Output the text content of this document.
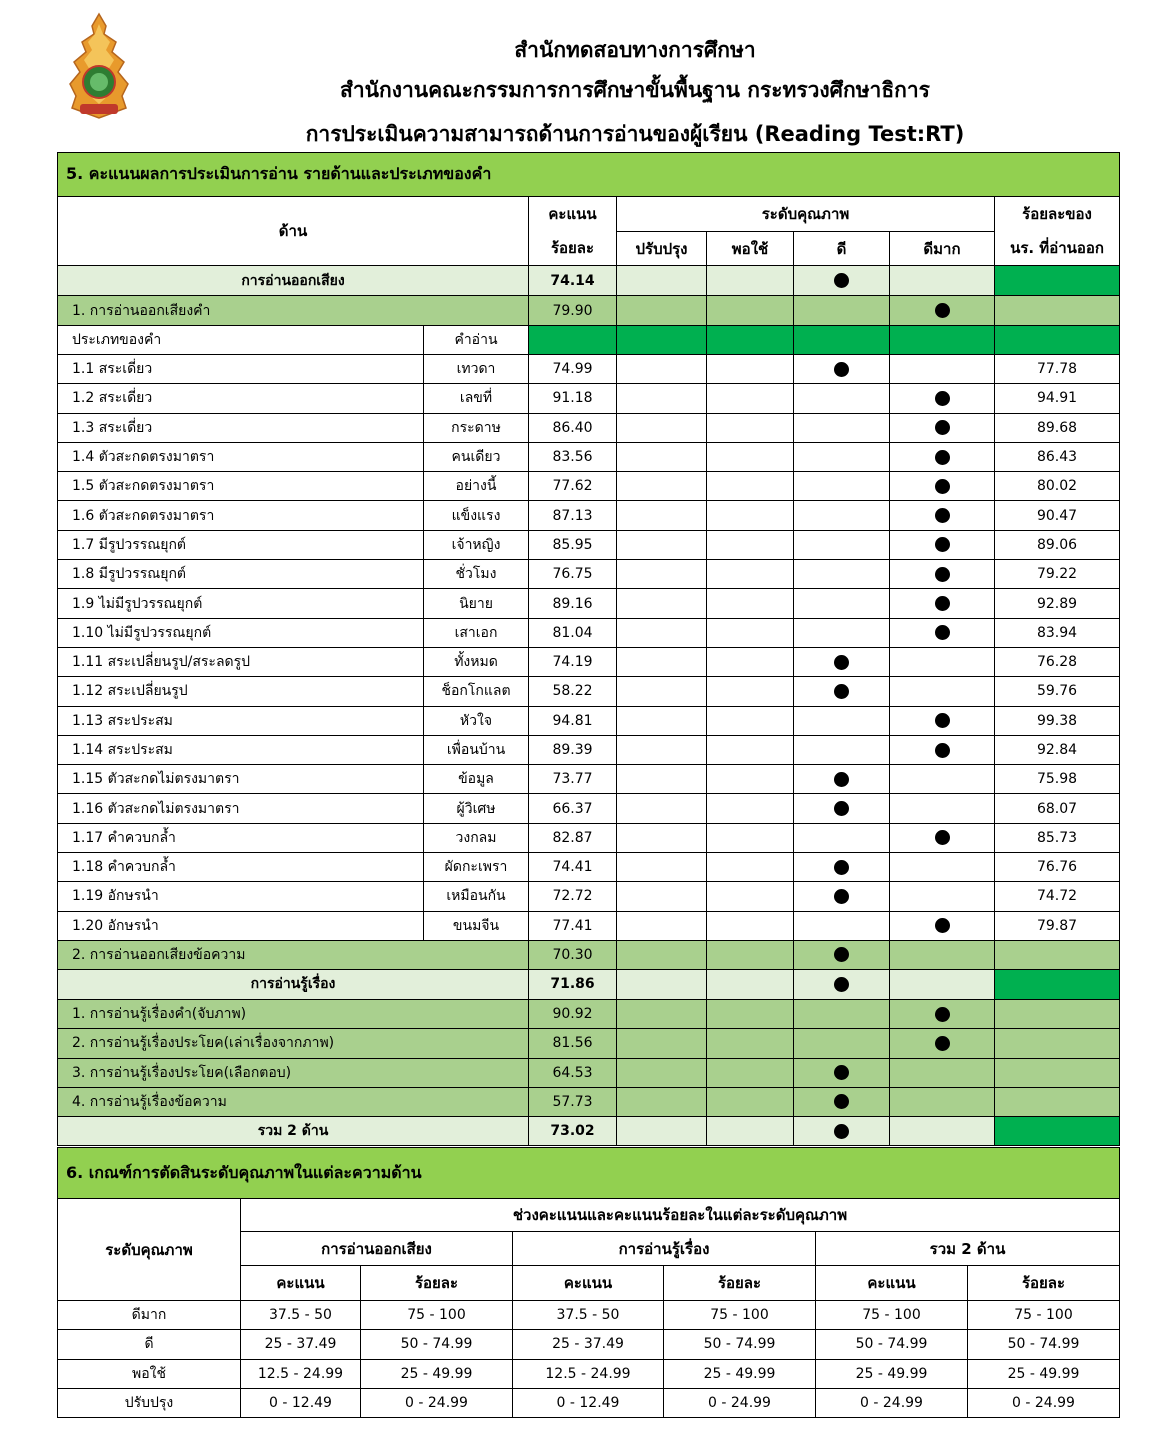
สำนักทดสอบทางการศึกษา
สำนักงานคณะกรรมการการศึกษาขั้นพื้นฐาน กระทรวงศึกษาธิการ
การประเมินความสามารถด้านการอ่านของผู้เรียน (Reading Test:RT)
5. คะแนนผลการประเมินการอ่าน รายด้านและประเภทของคำ							
ด้าน		คะแนน	ระดับคุณภาพ				ร้อยละของ
		ร้อยละ	ปรับปรุง	พอใช้	ดี	ดีมาก	นร. ที่อ่านออก
การอ่านออกเสียง		74.14					
1. การอ่านออกเสียงคำ		79.90					
ประเภทของคำ	คำอ่าน						
1.1 สระเดี่ยว	เทวดา	74.99					77.78
1.2 สระเดี่ยว	เลขที่	91.18					94.91
1.3 สระเดี่ยว	กระดาษ	86.40					89.68
1.4 ตัวสะกดตรงมาตรา	คนเดียว	83.56					86.43
1.5 ตัวสะกดตรงมาตรา	อย่างนี้	77.62					80.02
1.6 ตัวสะกดตรงมาตรา	แข็งแรง	87.13					90.47
1.7 มีรูปวรรณยุกต์	เจ้าหญิง	85.95					89.06
1.8 มีรูปวรรณยุกต์	ชั่วโมง	76.75					79.22
1.9 ไม่มีรูปวรรณยุกต์	นิยาย	89.16					92.89
1.10 ไม่มีรูปวรรณยุกต์	เสาเอก	81.04					83.94
1.11 สระเปลี่ยนรูป/สระลดรูป	ทั้งหมด	74.19					76.28
1.12 สระเปลี่ยนรูป	ช็อกโกแลต	58.22					59.76
1.13 สระประสม	หัวใจ	94.81					99.38
1.14 สระประสม	เพื่อนบ้าน	89.39					92.84
1.15 ตัวสะกดไม่ตรงมาตรา	ข้อมูล	73.77					75.98
1.16 ตัวสะกดไม่ตรงมาตรา	ผู้วิเศษ	66.37					68.07
1.17 คำควบกล้ำ	วงกลม	82.87					85.73
1.18 คำควบกล้ำ	ผัดกะเพรา	74.41					76.76
1.19 อักษรนำ	เหมือนกัน	72.72					74.72
1.20 อักษรนำ	ขนมจีน	77.41					79.87
2. การอ่านออกเสียงข้อความ		70.30					
การอ่านรู้เรื่อง		71.86					
1. การอ่านรู้เรื่องคำ(จับภาพ)		90.92					
2. การอ่านรู้เรื่องประโยค(เล่าเรื่องจากภาพ)		81.56					
3. การอ่านรู้เรื่องประโยค(เลือกตอบ)		64.53					
4. การอ่านรู้เรื่องข้อความ		57.73					
รวม 2 ด้าน		73.02					
6. เกณฑ์การตัดสินระดับคุณภาพในแต่ละความด้าน						
ระดับคุณภาพ	ช่วงคะแนนและคะแนนร้อยละในแต่ละระดับคุณภาพ					
	การอ่านออกเสียง		การอ่านรู้เรื่อง		รวม 2 ด้าน	
	คะแนน	ร้อยละ	คะแนน	ร้อยละ	คะแนน	ร้อยละ
ดีมาก	37.5 - 50	75 - 100	37.5 - 50	75 - 100	75 - 100	75 - 100
ดี	25 - 37.49	50 - 74.99	25 - 37.49	50 - 74.99	50 - 74.99	50 - 74.99
พอใช้	12.5 - 24.99	25 - 49.99	12.5 - 24.99	25 - 49.99	25 - 49.99	25 - 49.99
ปรับปรุง	0 - 12.49	0 - 24.99	0 - 12.49	0 - 24.99	0 - 24.99	0 - 24.99
